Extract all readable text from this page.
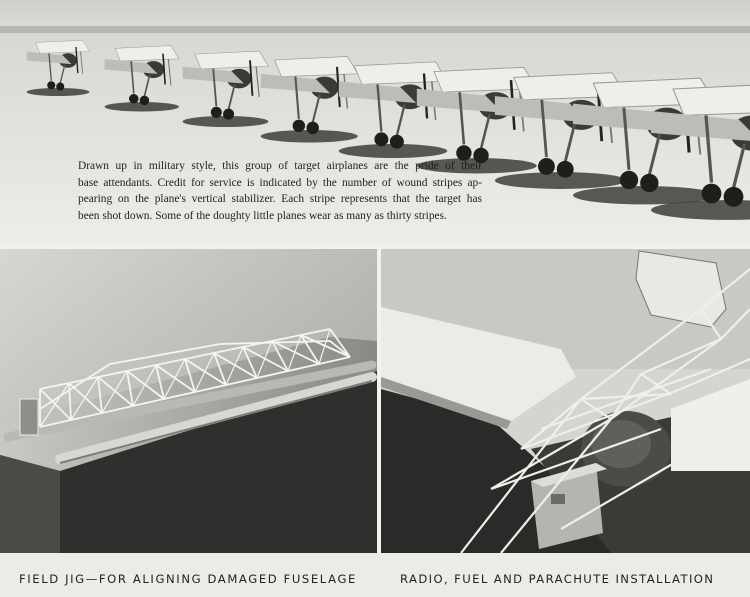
Drawn up in military style, this group of target airplanes are the pride of their
base attendants. Credit for service is indicated by the number of wound stripes ap-
pearing on the plane's vertical stabilizer. Each stripe represents that the target has
been shot down. Some of the doughty little planes wear as many as thirty stripes.
FIELD JIG—FOR ALIGNING DAMAGED FUSELAGE	RADIO, FUEL AND PARACHUTE INSTALLATION
